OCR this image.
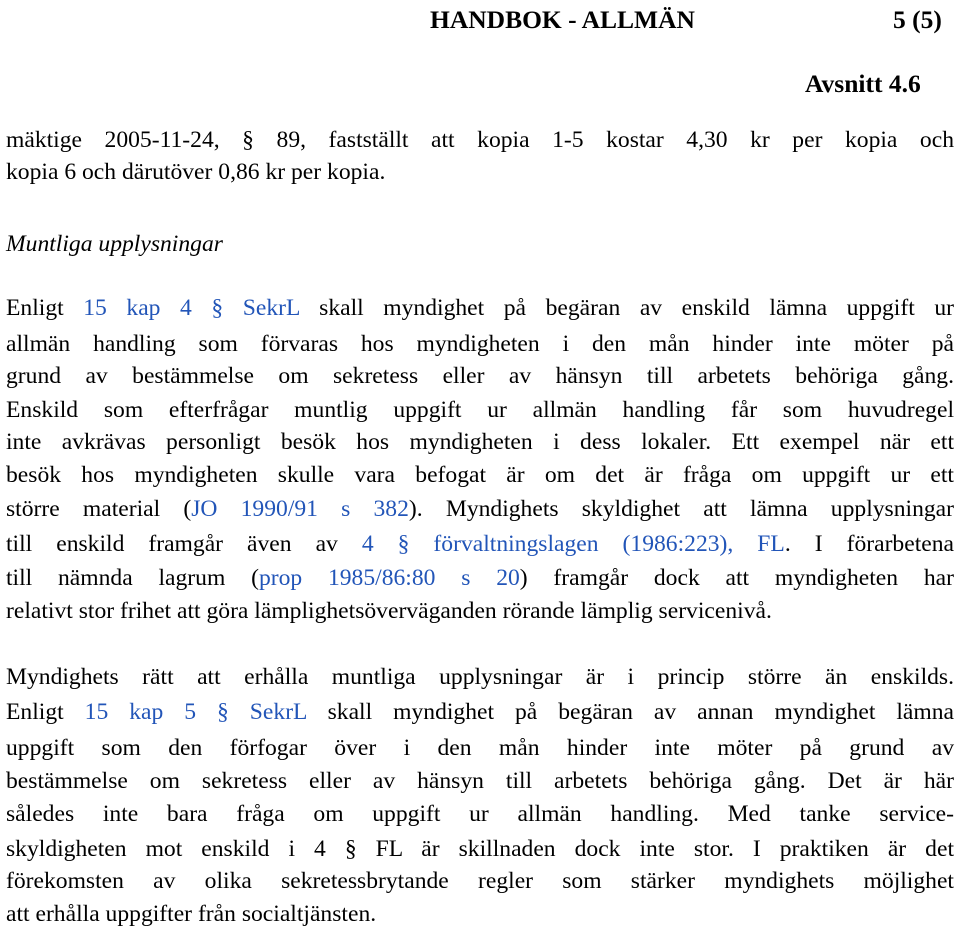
HANDBOK - ALLMÄN	5 (5)
Avsnitt 4.6
mäktige 2005-11-24, § 89, fastställt att kopia 1-5 kostar 4,30 kr per kopia och
kopia 6 och därutöver 0,86 kr per kopia.
Muntliga upplysningar
Enligt 15 kap 4 § SekrL skall myndighet på begäran av enskild lämna uppgift ur
allmän handling som förvaras hos myndigheten i den mån hinder inte möter på
grund av bestämmelse om sekretess eller av hänsyn till arbetets behöriga gång.
Enskild som efterfrågar muntlig uppgift ur allmän handling får som huvudregel
inte avkrävas personligt besök hos myndigheten i dess lokaler. Ett exempel när ett
besök hos myndigheten skulle vara befogat är om det är fråga om uppgift ur ett
större material (JO 1990/91 s 382). Myndighets skyldighet att lämna upplysningar
till enskild framgår även av 4 § förvaltningslagen (1986:223), FL. I förarbetena
till nämnda lagrum (prop 1985/86:80 s 20) framgår dock att myndigheten har
relativt stor frihet att göra lämplighetsöverväganden rörande lämplig servicenivå.
Myndighets rätt att erhålla muntliga upplysningar är i princip större än enskilds.
Enligt 15 kap 5 § SekrL skall myndighet på begäran av annan myndighet lämna
uppgift som den förfogar över i den mån hinder inte möter på grund av
bestämmelse om sekretess eller av hänsyn till arbetets behöriga gång. Det är här
således inte bara fråga om uppgift ur allmän handling. Med tanke service-
skyldigheten mot enskild i 4 § FL är skillnaden dock inte stor. I praktiken är det
förekomsten av olika sekretessbrytande regler som stärker myndighets möjlighet
att erhålla uppgifter från socialtjänsten.
